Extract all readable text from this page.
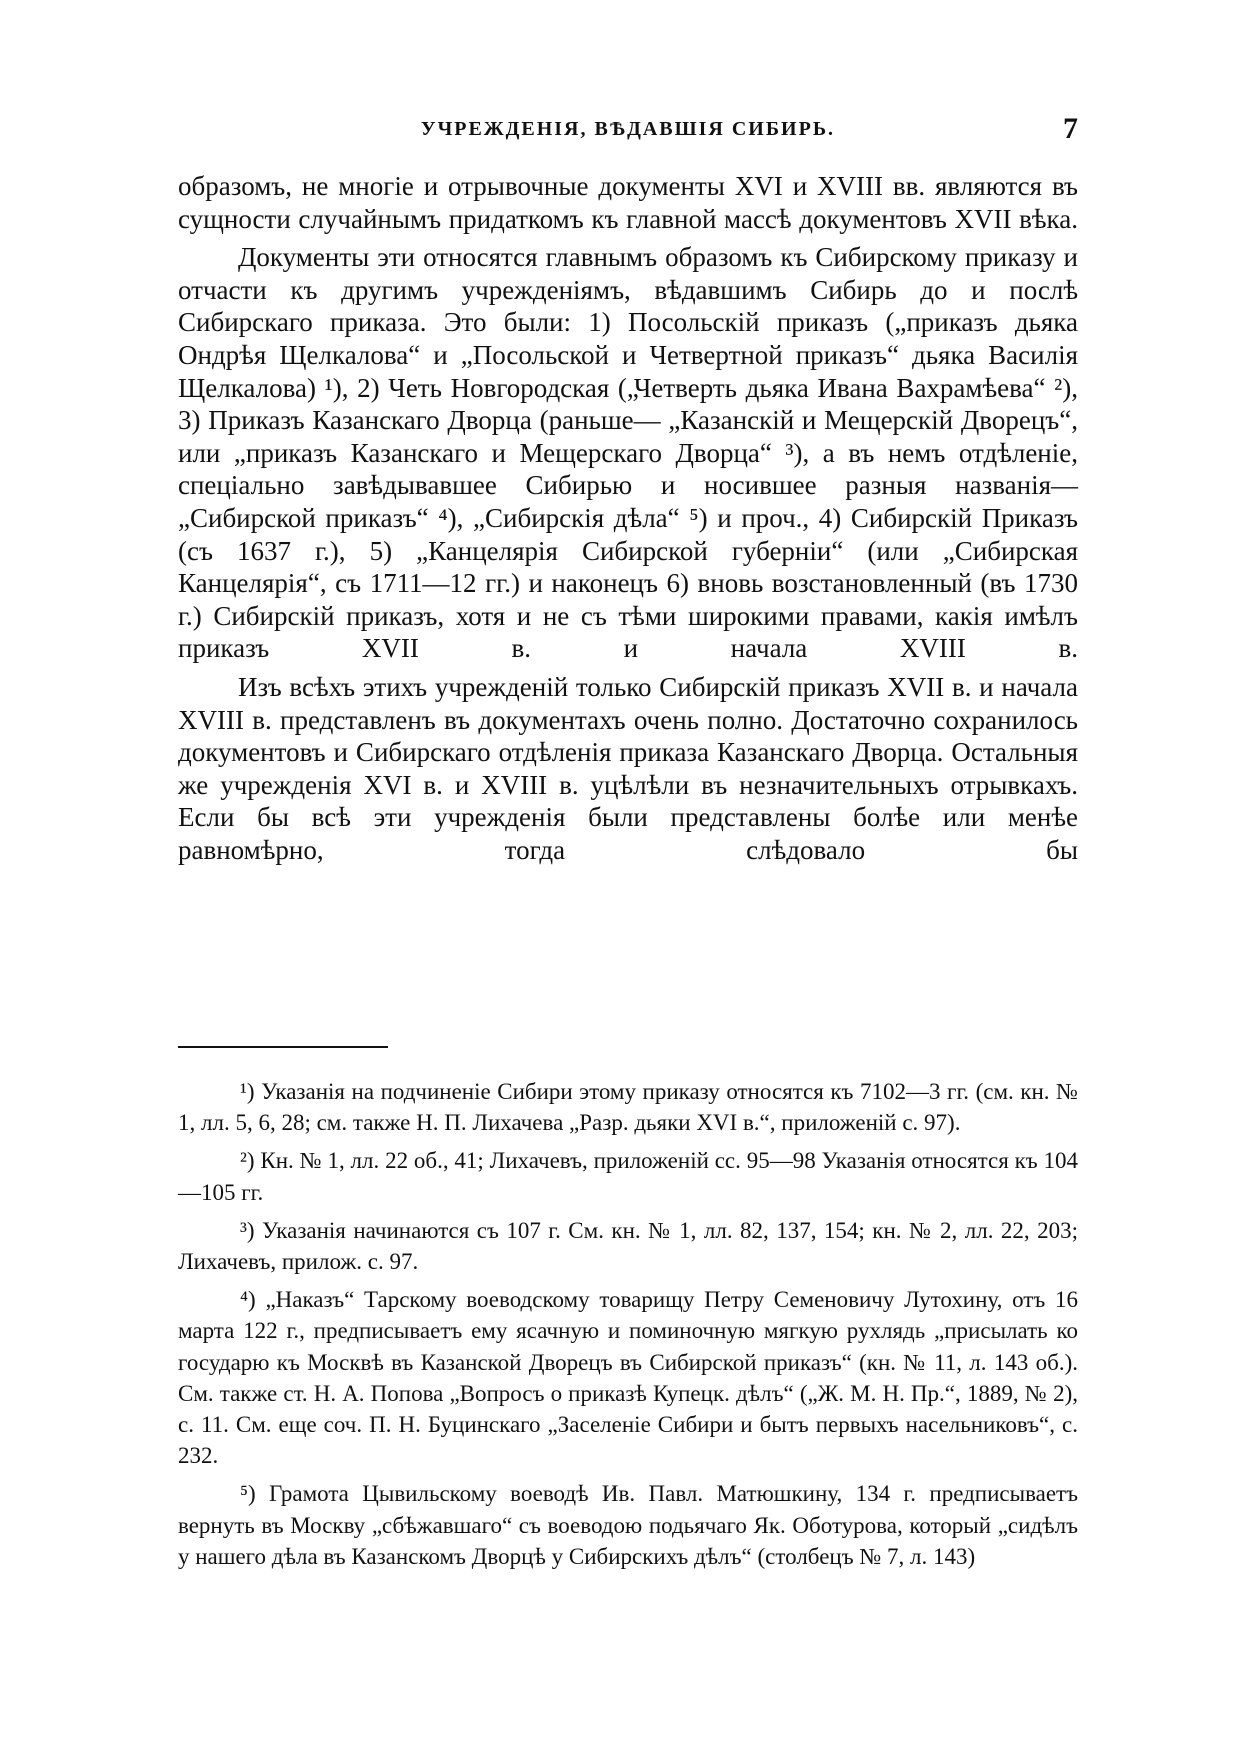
УЧРЕЖДЕНІЯ, ВѢДАВШІЯ СИБИРЬ.	7

образомъ, не многіе и отрывочные документы XVI и XVIII вв. являются въ сущности случайнымъ придаткомъ къ главной массѣ документовъ XVII вѣка.

Документы эти относятся главнымъ образомъ къ Сибирскому приказу и отчасти къ другимъ учрежденіямъ, вѣдавшимъ Сибирь до и послѣ Сибирскаго приказа. Это были: 1) Посольскій приказъ („приказъ дьяка Ондрѣя Щелкалова“ и „Посольской и Четвертной приказъ“ дьяка Василія Щелкалова) ¹), 2) Четь Новгородская („Четверть дьяка Ивана Вахрамѣева“ ²), 3) Приказъ Казанскаго Дворца (раньше— „Казанскій и Мещерскій Дворецъ“, или „приказъ Казанскаго и Мещерскаго Дворца“ ³), а въ немъ отдѣленіе, спеціально завѣдывавшее Сибирью и носившее разныя названія—„Сибирской приказъ“ ⁴), „Сибирскія дѣла“ ⁵) и проч., 4) Сибирскій Приказъ (съ 1637 г.), 5) „Канцелярія Сибирской губерніи“ (или „Сибирская Канцелярія“, съ 1711—12 гг.) и наконецъ 6) вновь возстановленный (въ 1730 г.) Сибирскій приказъ, хотя и не съ тѣми широкими правами, какія имѣлъ приказъ XVII в. и начала XVIII в.

Изъ всѣхъ этихъ учрежденій только Сибирскій приказъ XVII в. и начала XVIII в. представленъ въ документахъ очень полно. Достаточно сохранилось документовъ и Сибирскаго отдѣленія приказа Казанскаго Дворца. Остальныя же учрежденія XVI в. и XVIII в. уцѣлѣли въ незначительныхъ отрывкахъ. Если бы всѣ эти учрежденія были представлены болѣе или менѣе равномѣрно, тогда слѣдовало бы

¹) Указанія на подчиненіе Сибири этому приказу относятся къ 7102—3 гг. (см. кн. № 1, лл. 5, 6, 28; см. также Н. П. Лихачева „Разр. дьяки XVI в.“, приложеній с. 97).

²) Кн. № 1, лл. 22 об., 41; Лихачевъ, приложеній сс. 95—98 Указанія относятся къ 104—105 гг.

³) Указанія начинаются съ 107 г. См. кн. № 1, лл. 82, 137, 154; кн. № 2, лл. 22, 203; Лихачевъ, прилож. с. 97.

⁴) „Наказъ“ Тарскому воеводскому товарищу Петру Семеновичу Лутохину, отъ 16 марта 122 г., предписываетъ ему ясачную и поминочную мягкую рухлядь „присылать ко государю къ Москвѣ въ Казанской Дворецъ въ Сибирской приказъ“ (кн. № 11, л. 143 об.). См. также ст. Н. А. Попова „Вопросъ о приказѣ Купецк. дѣлъ“ („Ж. М. Н. Пр.“, 1889, № 2), с. 11. См. еще соч. П. Н. Буцинскаго „Заселеніе Сибири и бытъ первыхъ насельниковъ“, с. 232.

⁵) Грамота Цывильскому воеводѣ Ив. Павл. Матюшкину, 134 г. предписываетъ вернуть въ Москву „сбѣжавшаго“ съ воеводою подьячаго Як. Оботурова, который „сидѣлъ у нашего дѣла въ Казанскомъ Дворцѣ у Сибирскихъ дѣлъ“ (столбецъ № 7, л. 143)
